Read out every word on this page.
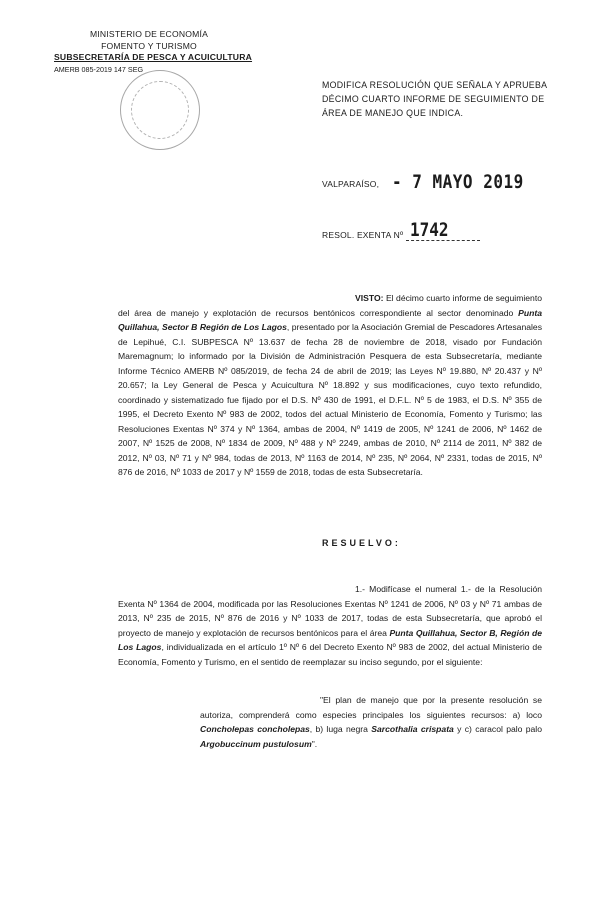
MINISTERIO DE ECONOMÍA
FOMENTO Y TURISMO
SUBSECRETARÍA DE PESCA Y ACUICULTURA
AMERB 085-2019 147 SEG
MODIFICA RESOLUCIÓN QUE SEÑALA Y APRUEBA DÉCIMO CUARTO INFORME DE SEGUIMIENTO DE ÁREA DE MANEJO QUE INDICA.
VALPARAÍSO, - 7 MAYO 2019
RESOL. EXENTA Nº 1742
VISTO: El décimo cuarto informe de seguimiento del área de manejo y explotación de recursos bentónicos correspondiente al sector denominado Punta Quillahua, Sector B Región de Los Lagos, presentado por la Asociación Gremial de Pescadores Artesanales de Lepihué, C.I. SUBPESCA Nº 13.637 de fecha 28 de noviembre de 2018, visado por Fundación Maremagnum; lo informado por la División de Administración Pesquera de esta Subsecretaría, mediante Informe Técnico AMERB Nº 085/2019, de fecha 24 de abril de 2019; las Leyes Nº 19.880, Nº 20.437 y Nº 20.657; la Ley General de Pesca y Acuicultura Nº 18.892 y sus modificaciones, cuyo texto refundido, coordinado y sistematizado fue fijado por el D.S. Nº 430 de 1991, el D.F.L. Nº 5 de 1983, el D.S. Nº 355 de 1995, el Decreto Exento Nº 983 de 2002, todos del actual Ministerio de Economía, Fomento y Turismo; las Resoluciones Exentas Nº 374 y Nº 1364, ambas de 2004, Nº 1419 de 2005, Nº 1241 de 2006, Nº 1462 de 2007, Nº 1525 de 2008, Nº 1834 de 2009, Nº 488 y Nº 2249, ambas de 2010, Nº 2114 de 2011, Nº 382 de 2012, Nº 03, Nº 71 y Nº 984, todas de 2013, Nº 1163 de 2014, Nº 235, Nº 2064, Nº 2331, todas de 2015, Nº 876 de 2016, Nº 1033 de 2017 y Nº 1559 de 2018, todas de esta Subsecretaría.
RESUELVO:
1.- Modifícase el numeral 1.- de la Resolución Exenta Nº 1364 de 2004, modificada por las Resoluciones Exentas Nº 1241 de 2006, Nº 03 y Nº 71 ambas de 2013, Nº 235 de 2015, Nº 876 de 2016 y Nº 1033 de 2017, todas de esta Subsecretaría, que aprobó el proyecto de manejo y explotación de recursos bentónicos para el área Punta Quillahua, Sector B, Región de Los Lagos, individualizada en el artículo 1º Nº 6 del Decreto Exento Nº 983 de 2002, del actual Ministerio de Economía, Fomento y Turismo, en el sentido de reemplazar su inciso segundo, por el siguiente:
"El plan de manejo que por la presente resolución se autoriza, comprenderá como especies principales los siguientes recursos: a) loco Concholepas concholepas, b) luga negra Sarcothalia crispata y c) caracol palo palo Argobuccinum pustulosum".
